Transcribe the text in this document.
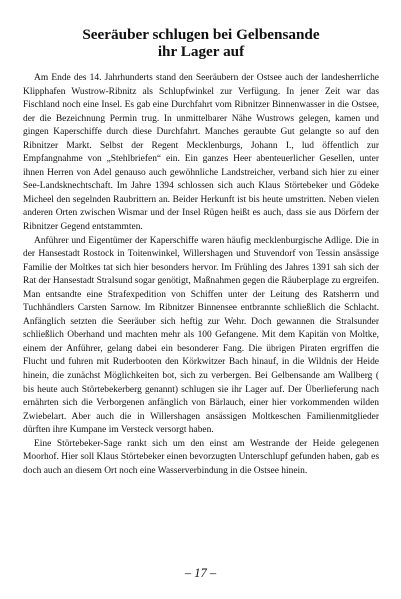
Seeräuber schlugen bei Gelbensande
ihr Lager auf

Am Ende des 14. Jahrhunderts stand den Seeräubern der Ostsee auch der landesherrliche Klipphafen Wustrow-Ribnitz als Schlupfwinkel zur Verfügung. In jener Zeit war das Fischland noch eine Insel. Es gab eine Durchfahrt vom Ribnitzer Binnenwasser in die Ostsee, der die Bezeichnung Permin trug. In unmittelbarer Nähe Wustrows gelegen, kamen und gingen Kaperschiffe durch diese Durchfahrt. Manches geraubte Gut gelangte so auf den Ribnitzer Markt. Selbst der Regent Mecklenburgs, Johann I., lud öffentlich zur Empfangnahme von „Stehlbriefen“ ein. Ein ganzes Heer abenteuerlicher Gesellen, unter ihnen Herren von Adel genauso auch gewöhnliche Landstreicher, verband sich hier zu einer See-Landsknechtschaft. Im Jahre 1394 schlossen sich auch Klaus Störtebeker und Gödeke Micheel den segelnden Raubrittern an. Beider Herkunft ist bis heute umstritten. Neben vielen anderen Orten zwischen Wismar und der Insel Rügen heißt es auch, dass sie aus Dörfern der Ribnitzer Gegend entstammten.

Anführer und Eigentümer der Kaperschiffe waren häufig mecklenburgische Adlige. Die in der Hansestadt Rostock in Toitenwinkel, Willershagen und Stuvendorf von Tessin ansässige Familie der Moltkes tat sich hier besonders hervor. Im Frühling des Jahres 1391 sah sich der Rat der Hansestadt Stralsund sogar genötigt, Maßnahmen gegen die Räuberplage zu ergreifen. Man entsandte eine Strafexpedition von Schiffen unter der Leitung des Ratsherrn und Tuchhändlers Carsten Sarnow. Im Ribnitzer Binnensee entbrannte schließlich die Schlacht. Anfänglich setzten die Seeräuber sich heftig zur Wehr. Doch gewannen die Stralsunder schließlich Oberhand und machten mehr als 100 Gefangene. Mit dem Kapitän von Moltke, einem der Anführer, gelang dabei ein besonderer Fang. Die übrigen Piraten ergriffen die Flucht und fuhren mit Ruderbooten den Körkwitzer Bach hinauf, in die Wildnis der Heide hinein, die zunächst Möglichkeiten bot, sich zu verbergen. Bei Gelbensande am Wallberg ( bis heute auch Störtebekerberg genannt) schlugen sie ihr Lager auf. Der Überlieferung nach ernährten sich die Verborgenen anfänglich von Bärlauch, einer hier vorkommenden wilden Zwiebelart. Aber auch die in Willershagen ansässigen Moltkeschen Familienmitglieder dürften ihre Kumpane im Versteck versorgt haben.

Eine Störtebeker-Sage rankt sich um den einst am Westrande der Heide gelegenen Moorhof. Hier soll Klaus Störtebeker einen bevorzugten Unterschlupf gefunden haben, gab es doch auch an diesem Ort noch eine Wasserverbindung in die Ostsee hinein.

– 17 –
